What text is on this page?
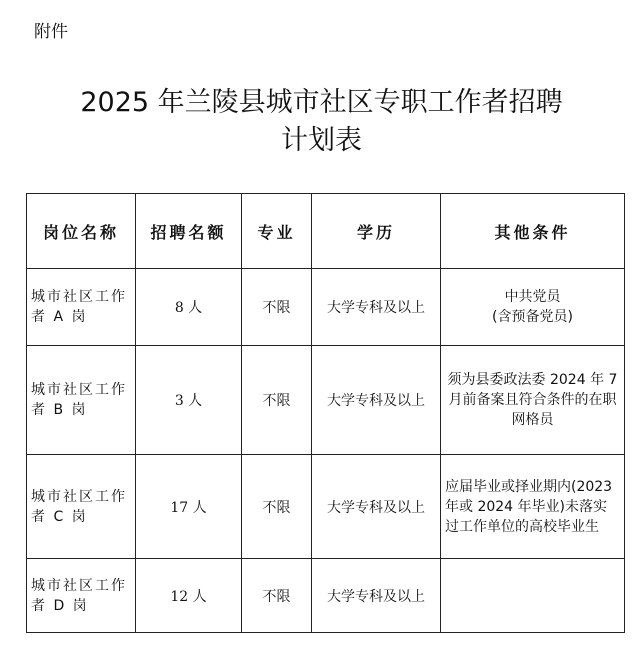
附件
2025 年兰陵县城市社区专职工作者招聘
计划表
岗位名称	招聘名额	专业	学历	其他条件
城市社区工作者 A 岗	8 人	不限	大学专科及以上	中共党员
(含预备党员)
城市社区工作者 B 岗	3 人	不限	大学专科及以上	须为县委政法委 2024 年 7 月前备案且符合条件的在职网格员
城市社区工作者 C 岗	17 人	不限	大学专科及以上	应届毕业或择业期内(2023 年或 2024 年毕业)未落实过工作单位的高校毕业生
城市社区工作者 D 岗	12 人	不限	大学专科及以上	
